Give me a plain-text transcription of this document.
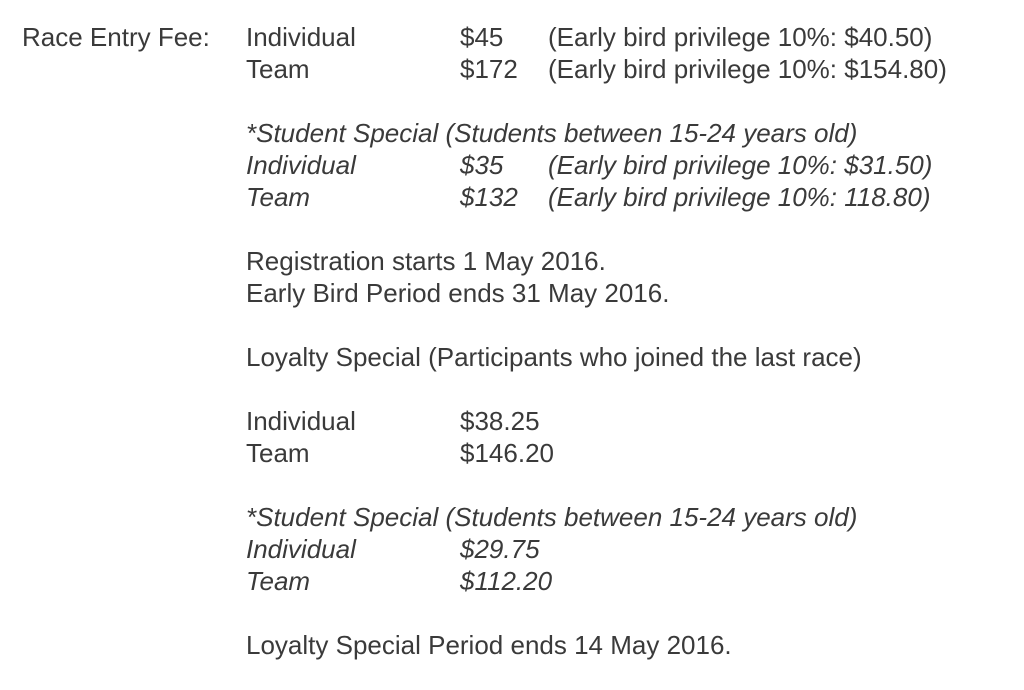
Race Entry Fee: Individual	$45 (Early bird privilege 10%: $40.50)
Team	$172 (Early bird privilege 10%: $154.80)
*Student Special (Students between 15-24 years old)
Individual	$35 (Early bird privilege 10%: $31.50)
Team	$132 (Early bird privilege 10%: 118.80)
Registration starts 1 May 2016.
Early Bird Period ends 31 May 2016.
Loyalty Special (Participants who joined the last race)
Individual	$38.25
Team	$146.20
*Student Special (Students between 15-24 years old)
Individual	$29.75
Team	$112.20
Loyalty Special Period ends 14 May 2016.
